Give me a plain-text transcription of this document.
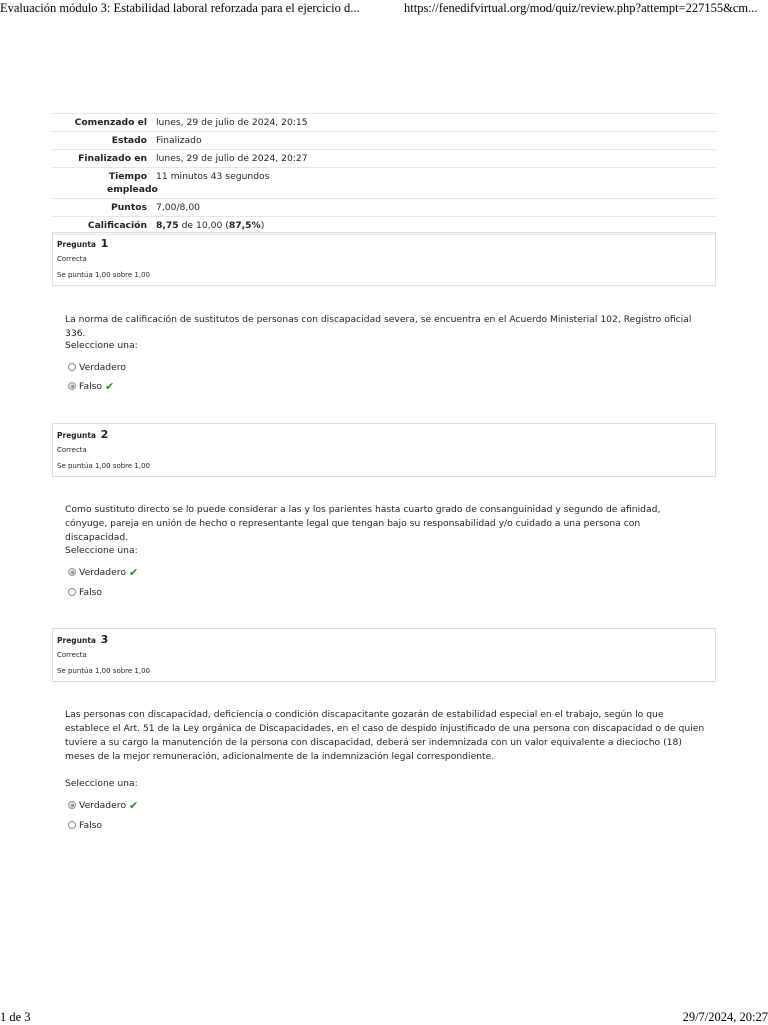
Evaluación módulo 3: Estabilidad laboral reforzada para el ejercicio d...	https://fenedifvirtual.org/mod/quiz/review.php?attempt=227155&cm...
Comenzado el lunes, 29 de julio de 2024, 20:15
Estado Finalizado
Finalizado en lunes, 29 de julio de 2024, 20:27
Tiempo empleado
11 minutos 43 segundos
Puntos 7,00/8,00
Calificación 8,75 de 10,00 (87,5%)
Pregunta 1
Correcta
Se puntúa 1,00 sobre 1,00
La norma de calificación de sustitutos de personas con discapacidad severa, se encuentra en el Acuerdo Ministerial 102, Registro oficial 336.
Seleccione una:
Verdadero
Falso ✔
Pregunta 2
Correcta
Se puntúa 1,00 sobre 1,00
Como sustituto directo se lo puede considerar a las y los parientes hasta cuarto grado de consanguinidad y segundo de afinidad, cónyuge, pareja en unión de hecho o representante legal que tengan bajo su responsabilidad y/o cuidado a una persona con discapacidad.
Seleccione una:
Verdadero ✔
Falso
Pregunta 3
Correcta
Se puntúa 1,00 sobre 1,00
Las personas con discapacidad, deficiencia o condición discapacitante gozarán de estabilidad especial en el trabajo, según lo que establece el Art. 51 de la Ley orgánica de Discapacidades, en el caso de despido injustificado de una persona con discapacidad o de quien tuviere a su cargo la manutención de la persona con discapacidad, deberá ser indemnizada con un valor equivalente a dieciocho (18) meses de la mejor remuneración, adicionalmente de la indemnización legal correspondiente.
Seleccione una:
Verdadero ✔
Falso
1 de 3	29/7/2024, 20:27
